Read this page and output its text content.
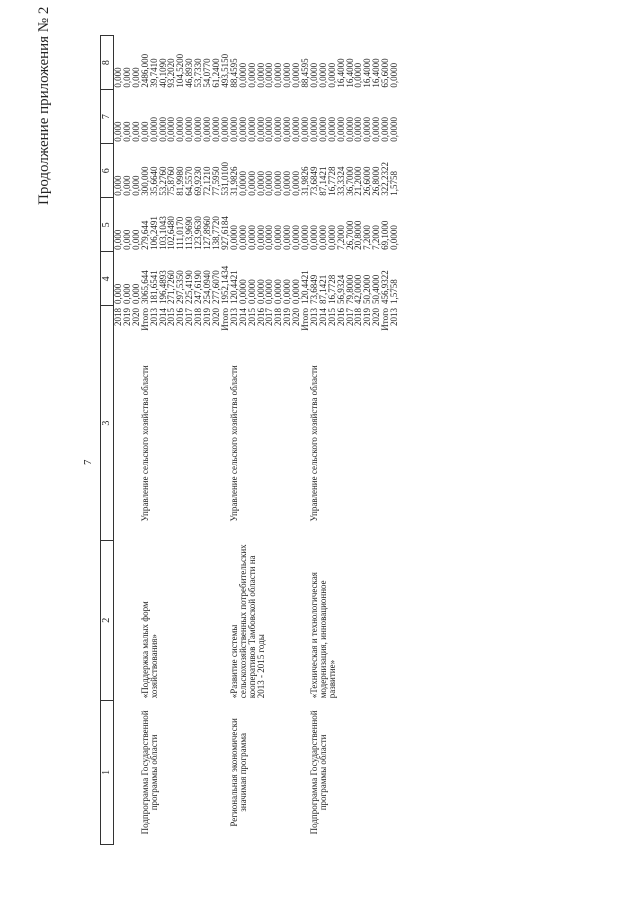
7
Продолжение приложения № 2
1	2	3		4	5	6	7	8
			2018	0,000	0,000	0,000	0,000	0,000
			2019	0,000	0,000	0,000	0,000	0,000
			2020	0,000	0,000	0,000	0,000	0,000
Подпрограмма Государственной программы области	«Поддержка малых форм хозяйствования»	Управление сельского хозяйства области	Итого	3065,644	279,644	300,000	0,000	2486,000
			2013	181,6541	106,2491	35,6640	0,0000	39,7410
			2014	196,4893	103,1043	53,2760	0,0000	40,1090
			2015	271,7260	102,6480	75,8760	0,0000	93,2020
			2016	297,5350	111,0170	81,9980	0,0000	104,5200
			2017	225,4190	113,9690	64,5570	0,0000	46,8930
			2018	247,6190	123,9630	69,9230	0,0000	53,7330
			2019	254,0940	127,8960	72,1210	0,0000	54,0770
			2020	277,6070	138,7720	77,5950	0,0000	61,2400
			Итого	1952,1434	927,6184	531,0100	0,0000	493,5150
Региональная экономически значимая программа	«Развитие системы сельскохозяйственных потребительских кооперативов Тамбовской области на 2013 - 2015 годы	Управление сельского хозяйства области	2013	120,4421	0,0000	31,9826	0,0000	88,4595
			2014	0,0000	0,0000	0,0000	0,0000	0,0000
			2015	0,0000	0,0000	0,0000	0,0000	0,0000
			2016	0,0000	0,0000	0,0000	0,0000	0,0000
			2017	0,0000	0,0000	0,0000	0,0000	0,0000
			2018	0,0000	0,0000	0,0000	0,0000	0,0000
			2019	0,0000	0,0000	0,0000	0,0000	0,0000
			2020	0,0000	0,0000	0,0000	0,0000	0,0000
			Итого	120,4421	0,0000	31,9826	0,0000	88,4595
Подпрограмма Государственной программы области	«Техническая и технологическая модернизация, инновационное развитие»	Управление сельского хозяйства области	2013	73,6849	0,0000	73,6849	0,0000	0,0000
			2014	87,1421	0,0000	87,1421	0,0000	0,0000
			2015	16,7728	0,0000	16,7728	0,0000	0,0000
			2016	56,9324	7,2000	33,3324	0,0000	16,4000
			2017	79,8000	26,7000	36,7000	0,0000	16,4000
			2018	42,0000	20,8000	21,2000	0,0000	0,0000
			2019	50,2000	7,2000	26,6000	0,0000	16,4000
			2020	50,4000	7,2000	26,8000	0,0000	16,4000
			Итого	456,9322	69,1000	322,2322	0,0000	65,6000
			2013	1,5758	0,0000	1,5758	0,0000	0,0000
